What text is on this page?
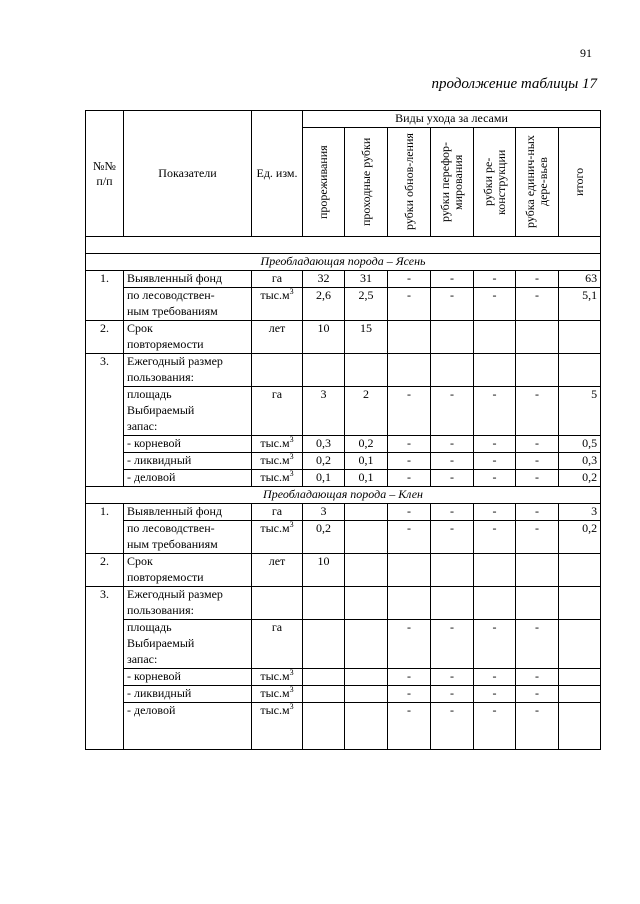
91
продолжение таблицы 17
№№ п/п	Показатели	Ед. изм.	Виды ухода за лесами						

			прореживания	проходные рубки	рубки обнов-ления	рубки перефор-мирования	рубки ре-конструкции	рубка единич-ных дере-вьев	итого

Преобладающая порода – Ясень									
1.	Выявленный фонд	га	32	31	-	-	-	-	63
	по лесоводствен-	$тыс.м^3$	2,6	2,5	-	-	-	-	5,1
	ным требованиям								
2.	Срок	лет	10	15					
	повторяемости								
3.	Ежегодный размер								
	пользования:								
	площадь	га	3	2	-	-	-	-	5
	Выбираемый								
	запас:								
	- корневой	$тыс.м^3$	0,3	0,2	-	-	-	-	0,5
	- ликвидный	$тыс.м^3$	0,2	0,1	-	-	-	-	0,3
	- деловой	$тыс.м^3$	0,1	0,1	-	-	-	-	0,2
Преобладающая порода – Клен									
1.	Выявленный фонд	га	3		-	-	-	-	3
	по лесоводствен-	$тыс.м^3$	0,2		-	-	-	-	0,2
	ным требованиям								
2.	Срок	лет	10						
	повторяемости								
3.	Ежегодный размер								
	пользования:								
	площадь	га			-	-	-	-	
	Выбираемый								
	запас:								
	- корневой	$тыс.м^3$			-	-	-	-	
	- ликвидный	$тыс.м^3$			-	-	-	-	
	- деловой	$тыс.м^3$			-	-	-	-	
